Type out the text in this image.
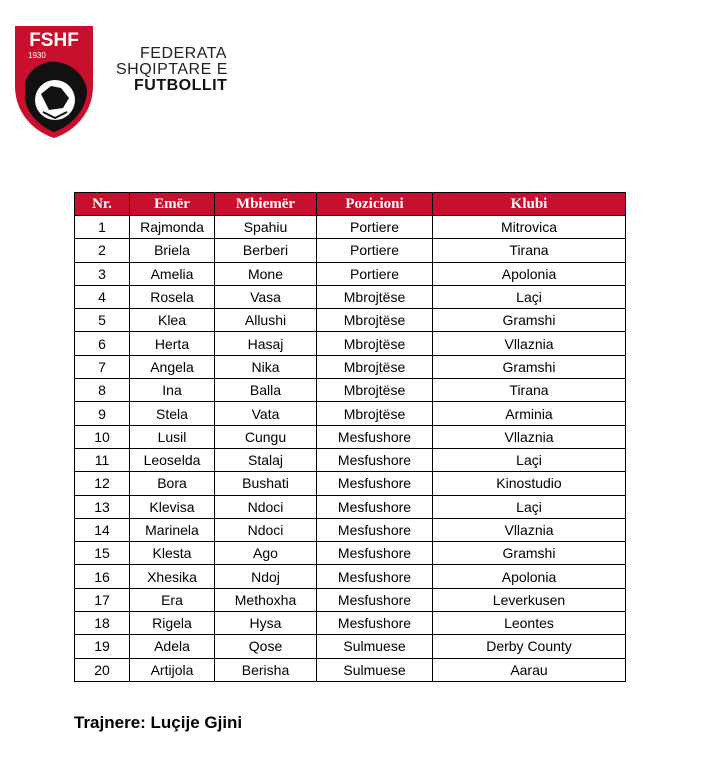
FSHF
1930	FEDERATA
SHQIPTARE E
FUTBOLLIT
Nr.	Emër	Mbiemër	Pozicioni	Klubi
1	Rajmonda	Spahiu	Portiere	Mitrovica
2	Briela	Berberi	Portiere	Tirana
3	Amelia	Mone	Portiere	Apolonia
4	Rosela	Vasa	Mbrojtëse	Laçi
5	Klea	Allushi	Mbrojtëse	Gramshi
6	Herta	Hasaj	Mbrojtëse	Vllaznia
7	Angela	Nika	Mbrojtëse	Gramshi
8	Ina	Balla	Mbrojtëse	Tirana
9	Stela	Vata	Mbrojtëse	Arminia
10	Lusil	Cungu	Mesfushore	Vllaznia
11	Leoselda	Stalaj	Mesfushore	Laçi
12	Bora	Bushati	Mesfushore	Kinostudio
13	Klevisa	Ndoci	Mesfushore	Laçi
14	Marinela	Ndoci	Mesfushore	Vllaznia
15	Klesta	Ago	Mesfushore	Gramshi
16	Xhesika	Ndoj	Mesfushore	Apolonia
17	Era	Methoxha	Mesfushore	Leverkusen
18	Rigela	Hysa	Mesfushore	Leontes
19	Adela	Qose	Sulmuese	Derby County
20	Artijola	Berisha	Sulmuese	Aarau
Trajnere: Luçije Gjini
